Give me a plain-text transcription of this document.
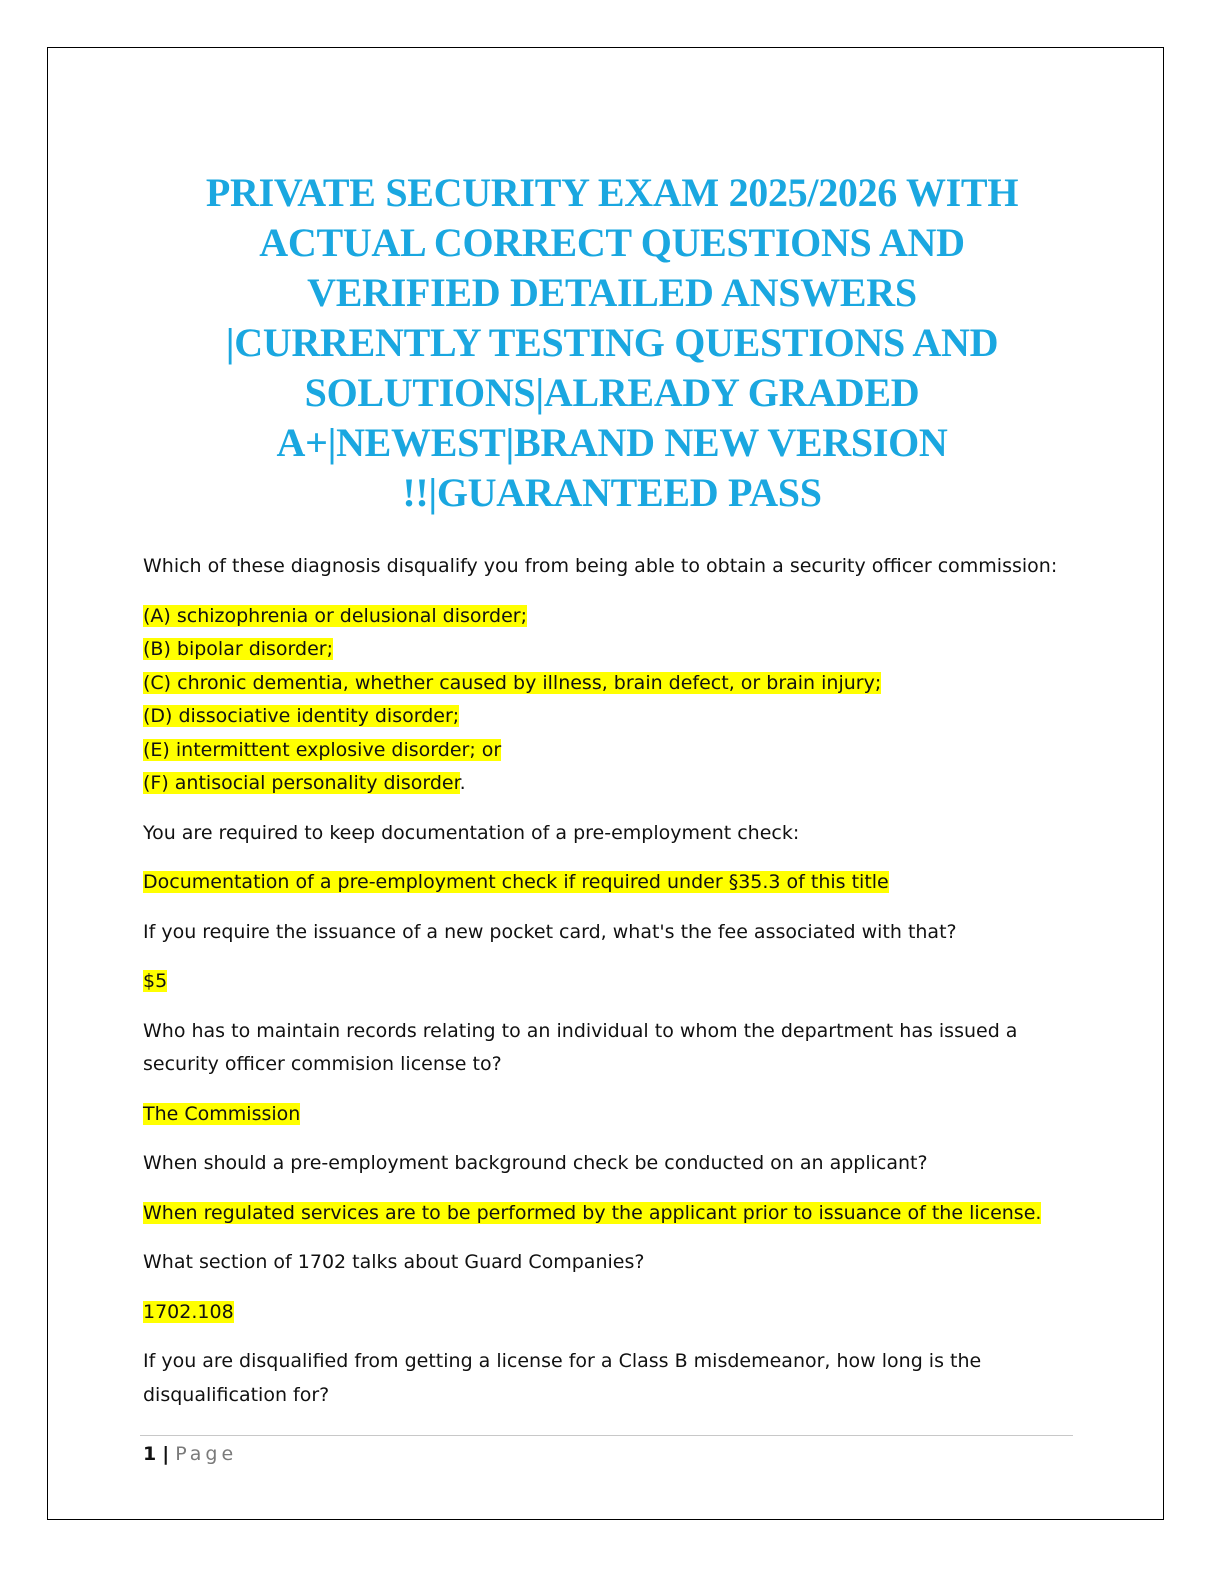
PRIVATE SECURITY EXAM 2025/2026 WITH
ACTUAL CORRECT QUESTIONS AND
VERIFIED DETAILED ANSWERS
|CURRENTLY TESTING QUESTIONS AND
SOLUTIONS|ALREADY GRADED
A+|NEWEST|BRAND NEW VERSION
!!|GUARANTEED PASS

Which of these diagnosis disqualify you from being able to obtain a security officer commission:

(A) schizophrenia or delusional disorder;

(B) bipolar disorder;

(C) chronic dementia, whether caused by illness, brain defect, or brain injury;

(D) dissociative identity disorder;

(E) intermittent explosive disorder; or

(F) antisocial personality disorder.

You are required to keep documentation of a pre-employment check:

Documentation of a pre-employment check if required under §35.3 of this title

If you require the issuance of a new pocket card, what's the fee associated with that?

$5

Who has to maintain records relating to an individual to whom the department has issued a
security officer commision license to?

The Commission

When should a pre-employment background check be conducted on an applicant?

When regulated services are to be performed by the applicant prior to issuance of the license.

What section of 1702 talks about Guard Companies?

1702.108

If you are disqualified from getting a license for a Class B misdemeanor, how long is the
disqualification for?

1 | Page
